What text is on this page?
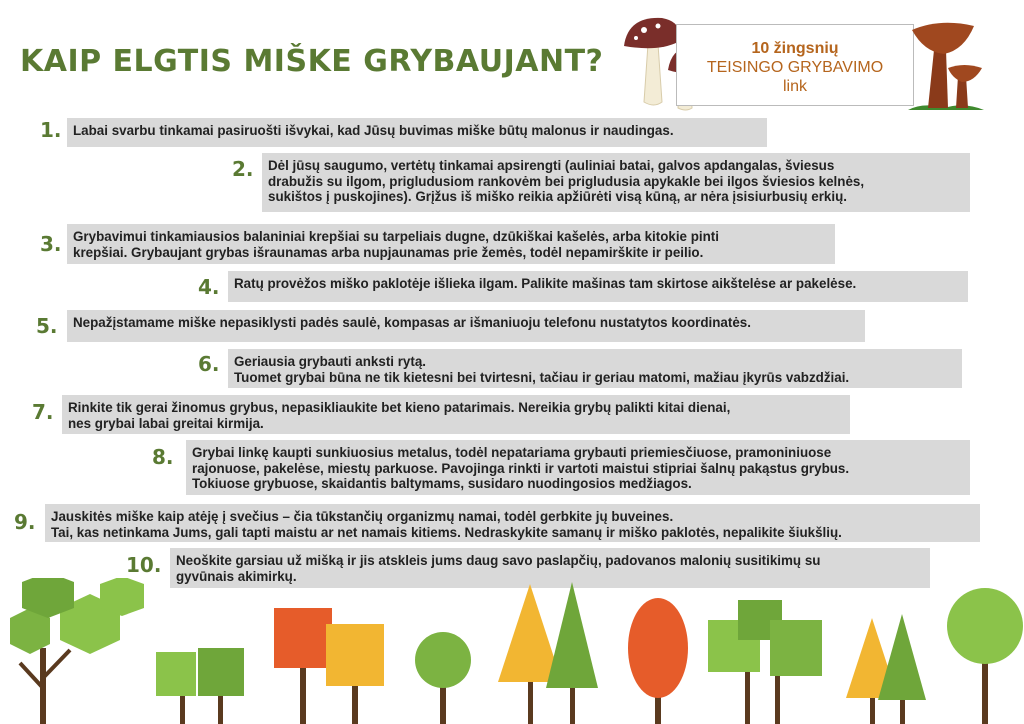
KAIP ELGTIS MIŠKE GRYBAUJANT?	10 žingsnių
TEISINGO GRYBAVIMO
link
1. Labai svarbu tinkamai pasiruošti išvykai, kad Jūsų buvimas miške būtų malonus ir naudingas.

2. Dėl jūsų saugumo, vertėtų tinkamai apsirengti (auliniai batai, galvos apdangalas, šviesus

drabužis su ilgom, prigludusiom rankovėm bei prigludusia apykakle bei ilgos šviesios kelnės,

sukištos į puskojines). Grįžus iš miško reikia apžiūrėti visą kūną, ar nėra įsisiurbusių erkių.

3. Grybavimui tinkamiausios balaniniai krepšiai su tarpeliais dugne, dzūkiškai kašelės, arba kitokie pinti

krepšiai. Grybaujant grybas išraunamas arba nupjaunamas prie žemės, todėl nepamirškite ir peilio.

4. Ratų provėžos miško paklotėje išlieka ilgam. Palikite mašinas tam skirtose aikštelėse ar pakelėse.

5. Nepažįstamame miške nepasiklysti padės saulė, kompasas ar išmaniuoju telefonu nustatytos koordinatės.

6. Geriausia grybauti anksti rytą.

Tuomet grybai būna ne tik kietesni bei tvirtesni, tačiau ir geriau matomi, mažiau įkyrūs vabzdžiai.

7. Rinkite tik gerai žinomus grybus, nepasikliaukite bet kieno patarimais. Nereikia grybų palikti kitai dienai,

nes grybai labai greitai kirmija.

8. Grybai linkę kaupti sunkiuosius metalus, todėl nepatariama grybauti priemiesčiuose, pramoniniuose

rajonuose, pakelėse, miestų parkuose. Pavojinga rinkti ir vartoti maistui stipriai šalnų pakąstus grybus.

Tokiuose grybuose, skaidantis baltymams, susidaro nuodingosios medžiagos.

9. Jauskitės miške kaip atėję į svečius – čia tūkstančių organizmų namai, todėl gerbkite jų buveines.

Tai, kas netinkama Jums, gali tapti maistu ar net namais kitiems. Nedraskykite samanų ir miško paklotės, nepalikite šiukšlių.

10. Neoškite garsiau už mišką ir jis atskleis jums daug savo paslapčių, padovanos malonių susitikimų su

gyvūnais akimirkų.
